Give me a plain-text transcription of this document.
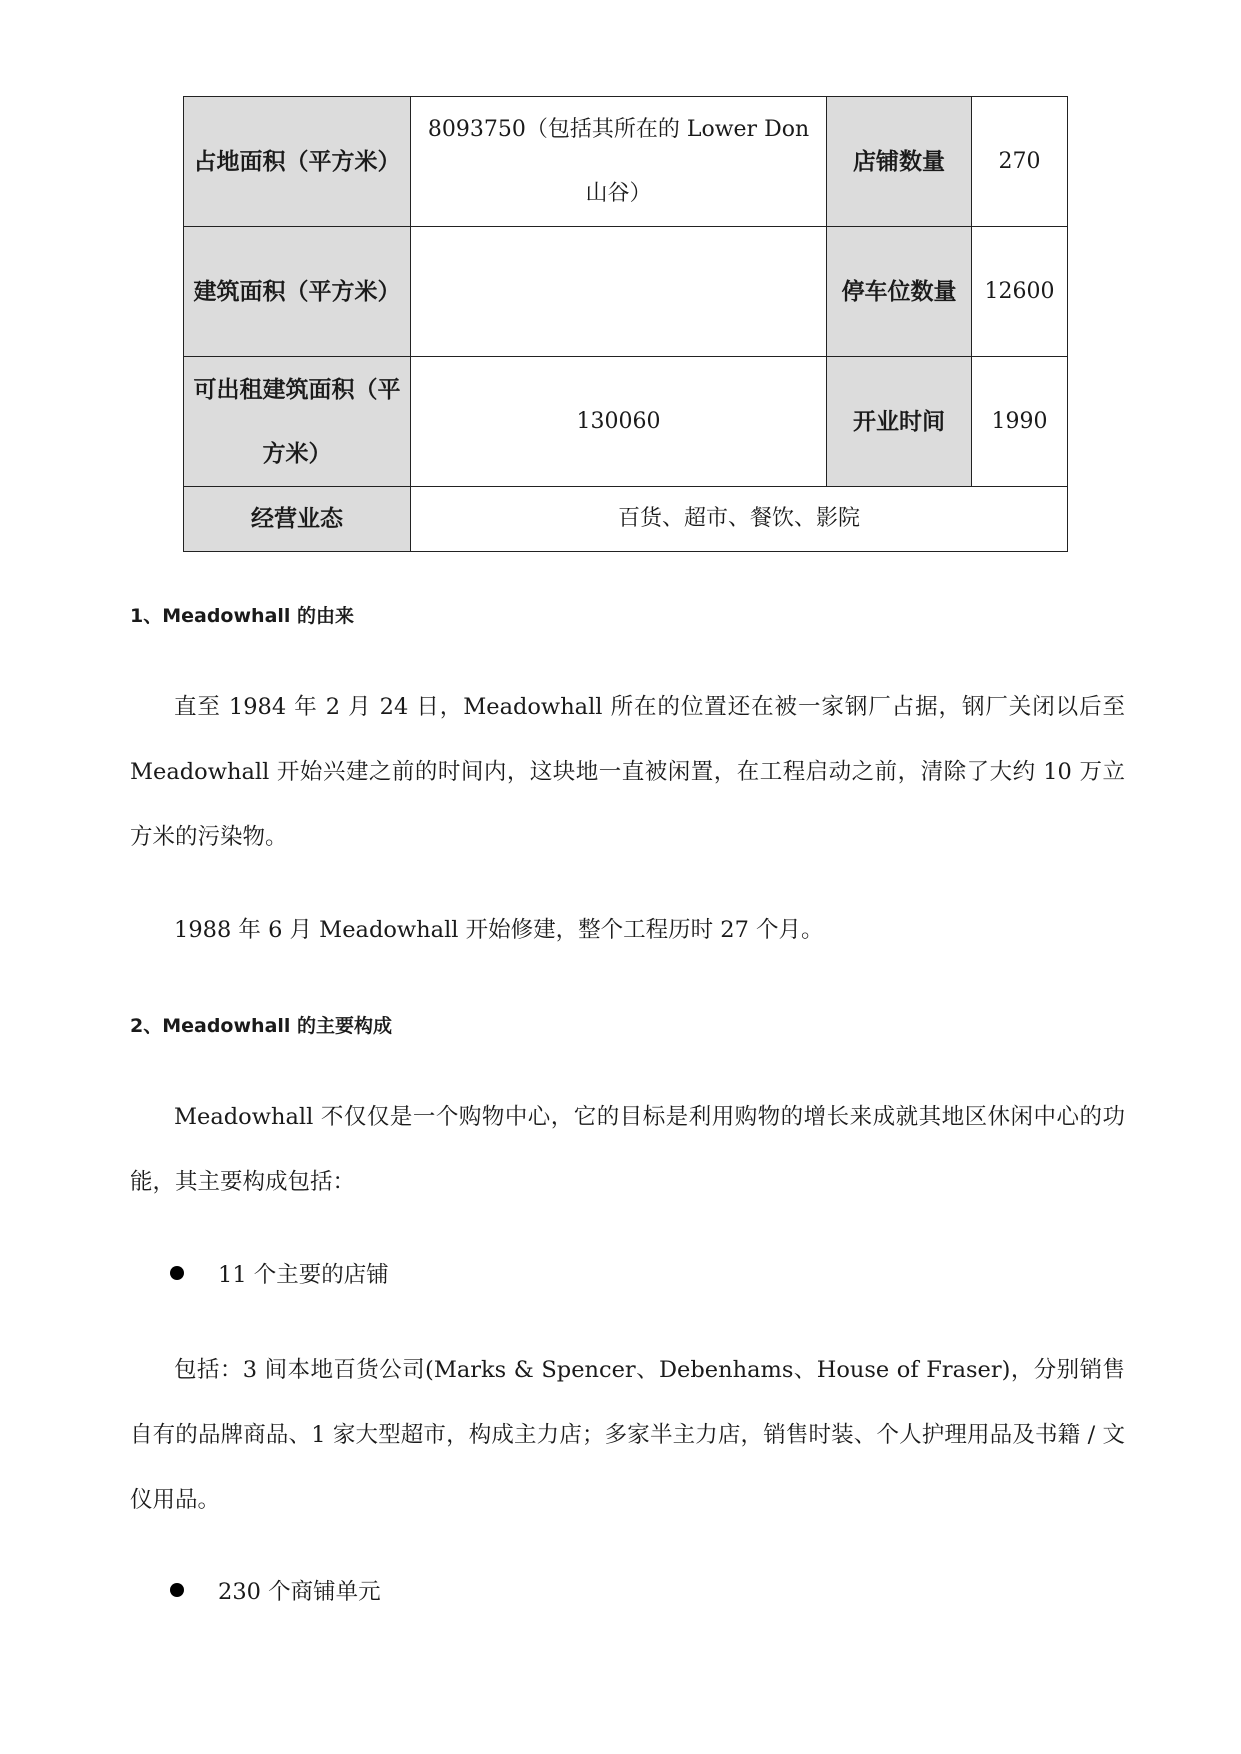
占地面积（平方米）	8093750（包括其所在的 Lower Don 山谷）	店铺数量	270
建筑面积（平方米）		停车位数量	12600
可出租建筑面积（平方米）	130060	开业时间	1990
经营业态	百货、超市、餐饮、影院		
1、Meadowhall 的由来

直至 1984 年 2 月 24 日，Meadowhall 所在的位置还在被一家钢厂占据，钢厂关闭以后至 Meadowhall 开始兴建之前的时间内，这块地一直被闲置，在工程启动之前，清除了大约 10 万立方米的污染物。

1988 年 6 月 Meadowhall 开始修建，整个工程历时 27 个月。

2、Meadowhall 的主要构成

Meadowhall 不仅仅是一个购物中心，它的目标是利用购物的增长来成就其地区休闲中心的功能，其主要构成包括：

11 个主要的店铺

包括：3 间本地百货公司(Marks & Spencer、Debenhams、House of Fraser)，分别销售自有的品牌商品、1 家大型超市，构成主力店；多家半主力店，销售时装、个人护理用品及书籍 / 文仪用品。

230 个商铺单元
